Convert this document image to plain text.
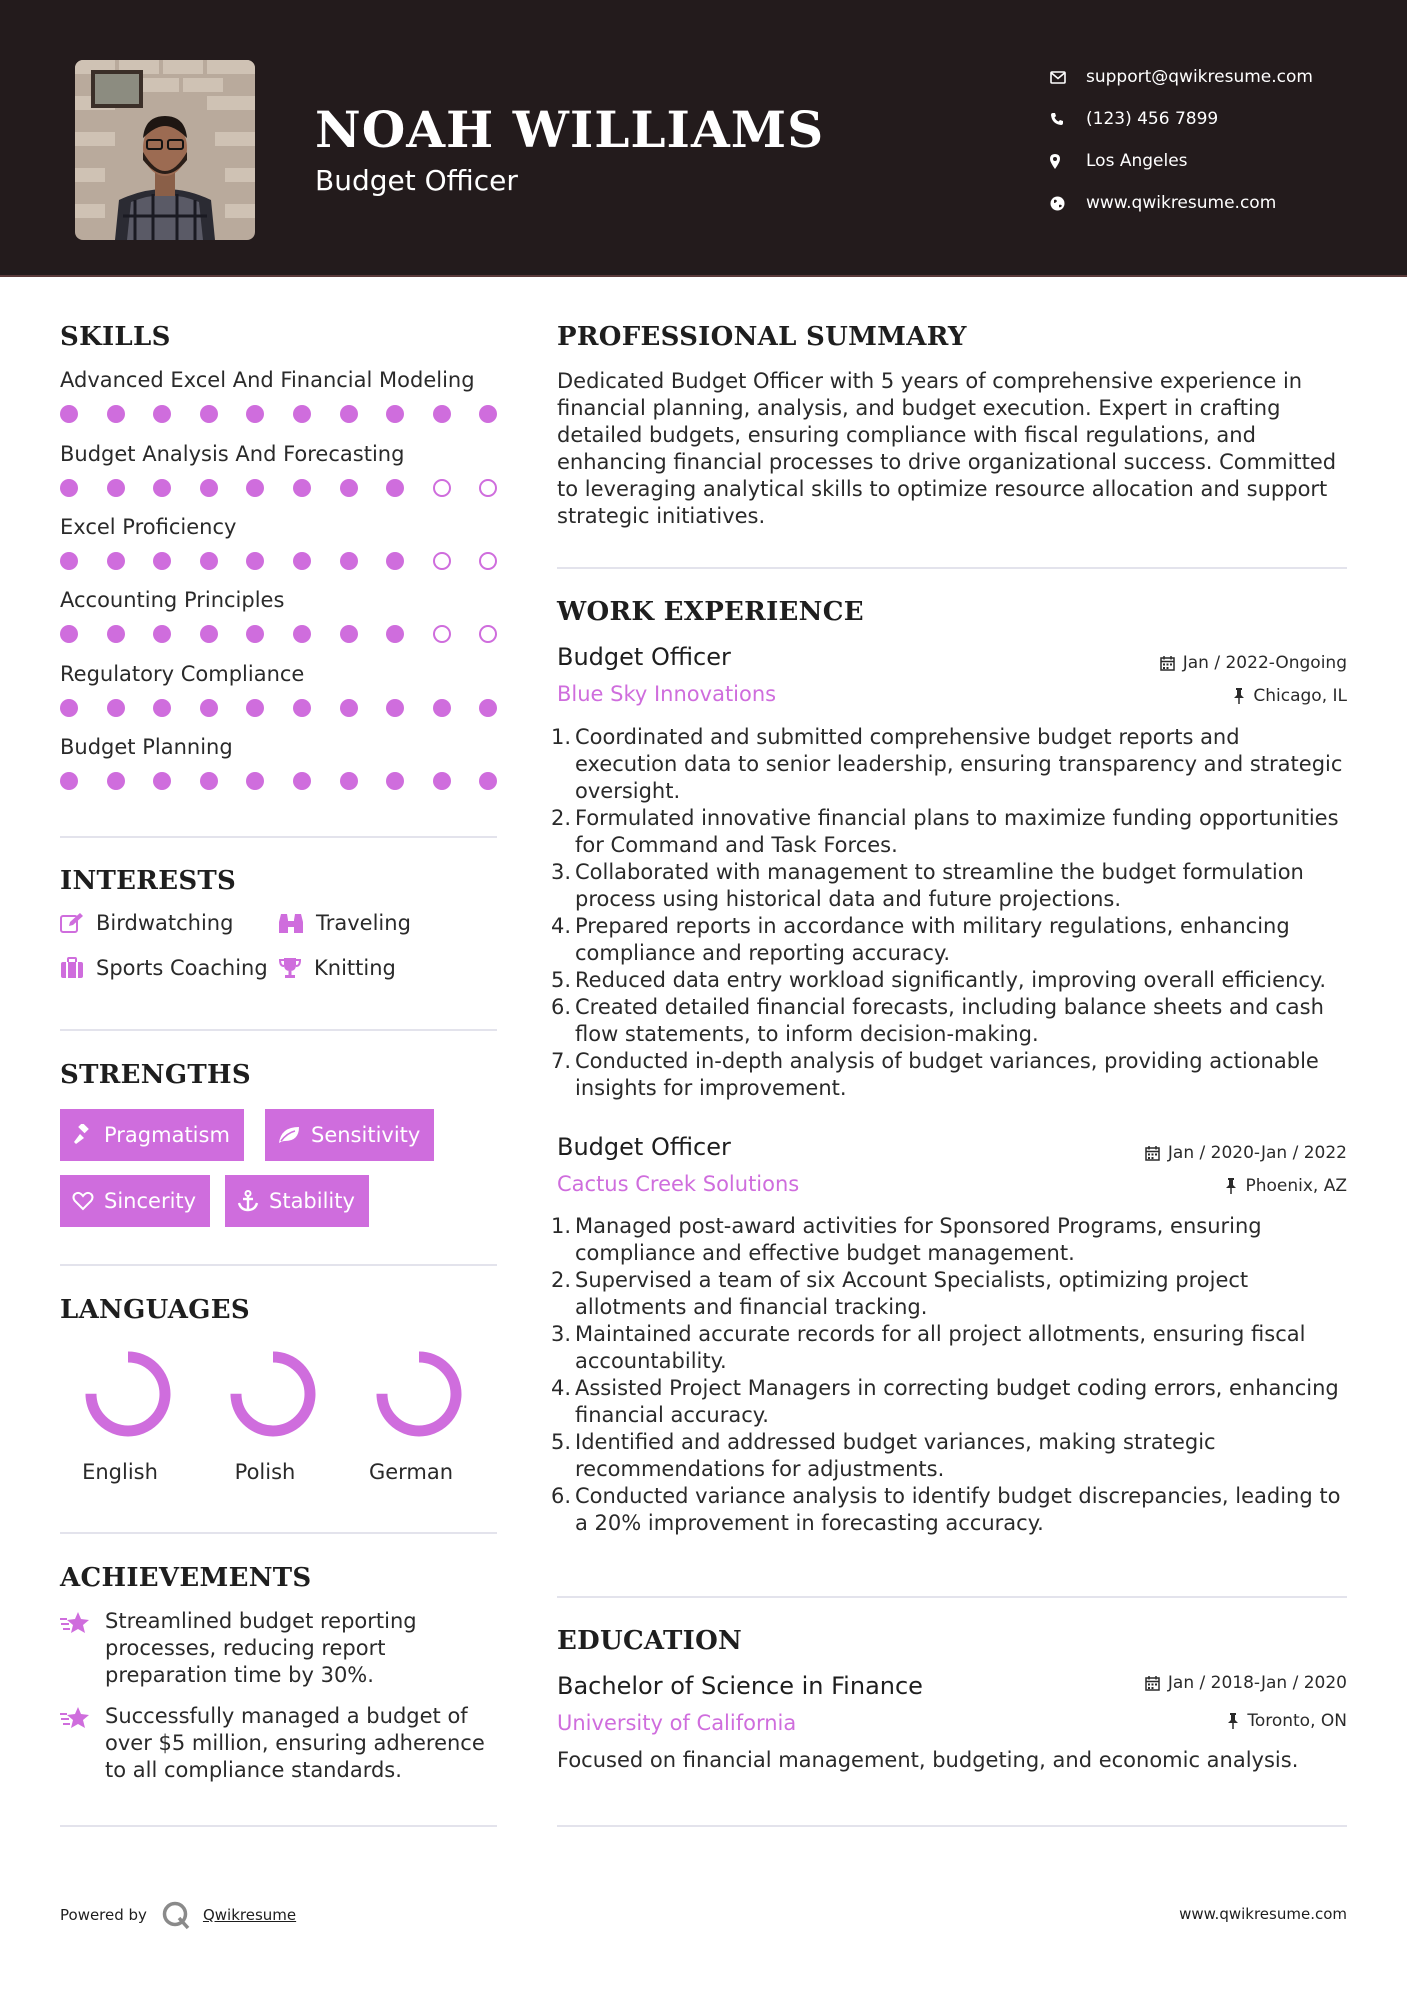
NOAH WILLIAMS
Budget Officer
support@qwikresume.com
(123) 456 7899
Los Angeles
www.qwikresume.com
SKILLS
Advanced Excel And Financial Modeling
Budget Analysis And Forecasting
Excel Proficiency
Accounting Principles
Regulatory Compliance
Budget Planning
INTERESTS
Birdwatching	Traveling
Sports Coaching Knitting
STRENGTHS
Pragmatism	Sensitivity
Sincerity	Stability
LANGUAGES
English	Polish	German
ACHIEVEMENTS
Streamlined budget reporting processes, reducing report preparation time by 30%.
Successfully managed a budget of over $5 million, ensuring adherence to all compliance standards.
PROFESSIONAL SUMMARY
Dedicated Budget Officer with 5 years of comprehensive experience in financial planning, analysis, and budget execution. Expert in crafting detailed budgets, ensuring compliance with fiscal regulations, and enhancing financial processes to drive organizational success. Committed to leveraging analytical skills to optimize resource allocation and support strategic initiatives.
WORK EXPERIENCE
Budget Officer	Jan / 2022-Ongoing
Blue Sky Innovations	Chicago, IL
1. Coordinated and submitted comprehensive budget reports and execution data to senior leadership, ensuring transparency and strategic oversight.
2. Formulated innovative financial plans to maximize funding opportunities for Command and Task Forces.
3. Collaborated with management to streamline the budget formulation process using historical data and future projections.
4. Prepared reports in accordance with military regulations, enhancing compliance and reporting accuracy.
5. Reduced data entry workload significantly, improving overall efficiency.
6. Created detailed financial forecasts, including balance sheets and cash flow statements, to inform decision-making.
7. Conducted in-depth analysis of budget variances, providing actionable insights for improvement.
Budget Officer	Jan / 2020-Jan / 2022
Cactus Creek Solutions	Phoenix, AZ
1. Managed post-award activities for Sponsored Programs, ensuring compliance and effective budget management.
2. Supervised a team of six Account Specialists, optimizing project allotments and financial tracking.
3. Maintained accurate records for all project allotments, ensuring fiscal accountability.
4. Assisted Project Managers in correcting budget coding errors, enhancing financial accuracy.
5. Identified and addressed budget variances, making strategic recommendations for adjustments.
6. Conducted variance analysis to identify budget discrepancies, leading to a 20% improvement in forecasting accuracy.
EDUCATION
Bachelor of Science in Finance	Jan / 2018-Jan / 2020
University of California	Toronto, ON
Focused on financial management, budgeting, and economic analysis.
Powered by	Qwikresume	www.qwikresume.com
